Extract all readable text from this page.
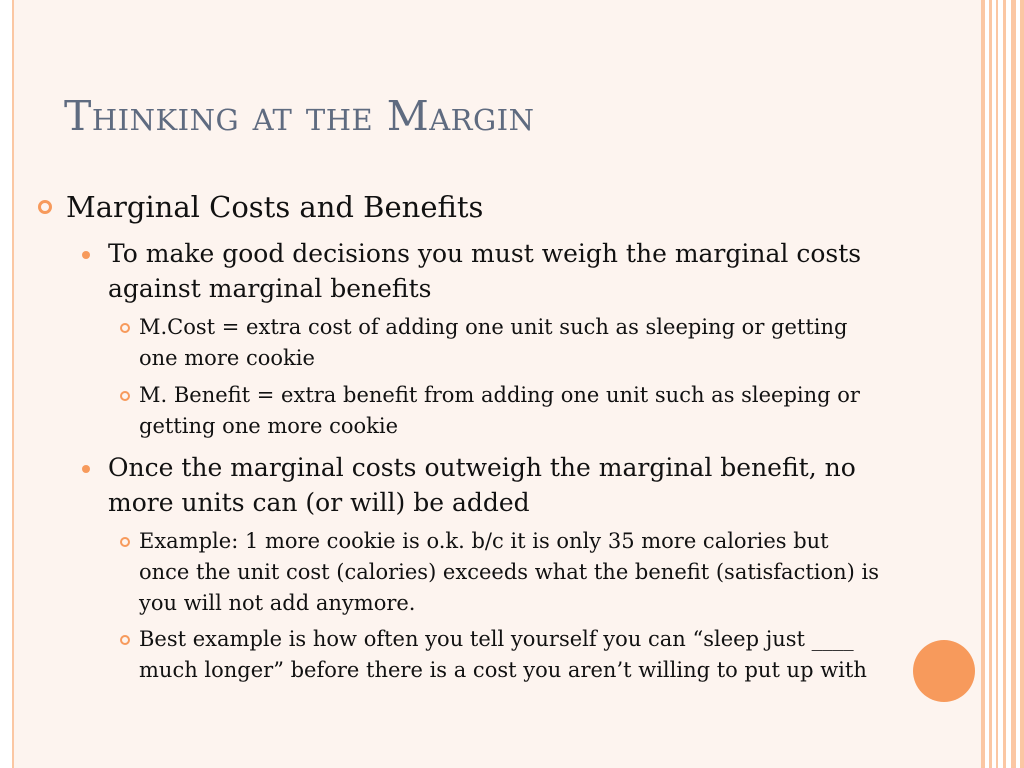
Thinking at the Margin
Marginal Costs and Benefits
To make good decisions you must weigh the marginal costs against marginal benefits
M.Cost = extra cost of adding one unit such as sleeping or getting one more cookie
M. Benefit = extra benefit from adding one unit such as sleeping or getting one more cookie
Once the marginal costs outweigh the marginal benefit, no more units can (or will) be added
Example: 1 more cookie is o.k. b/c it is only 35 more calories but once the unit cost (calories) exceeds what the benefit (satisfaction) is you will not add anymore.
Best example is how often you tell yourself you can “sleep just ____ much longer” before there is a cost you aren’t willing to put up with
